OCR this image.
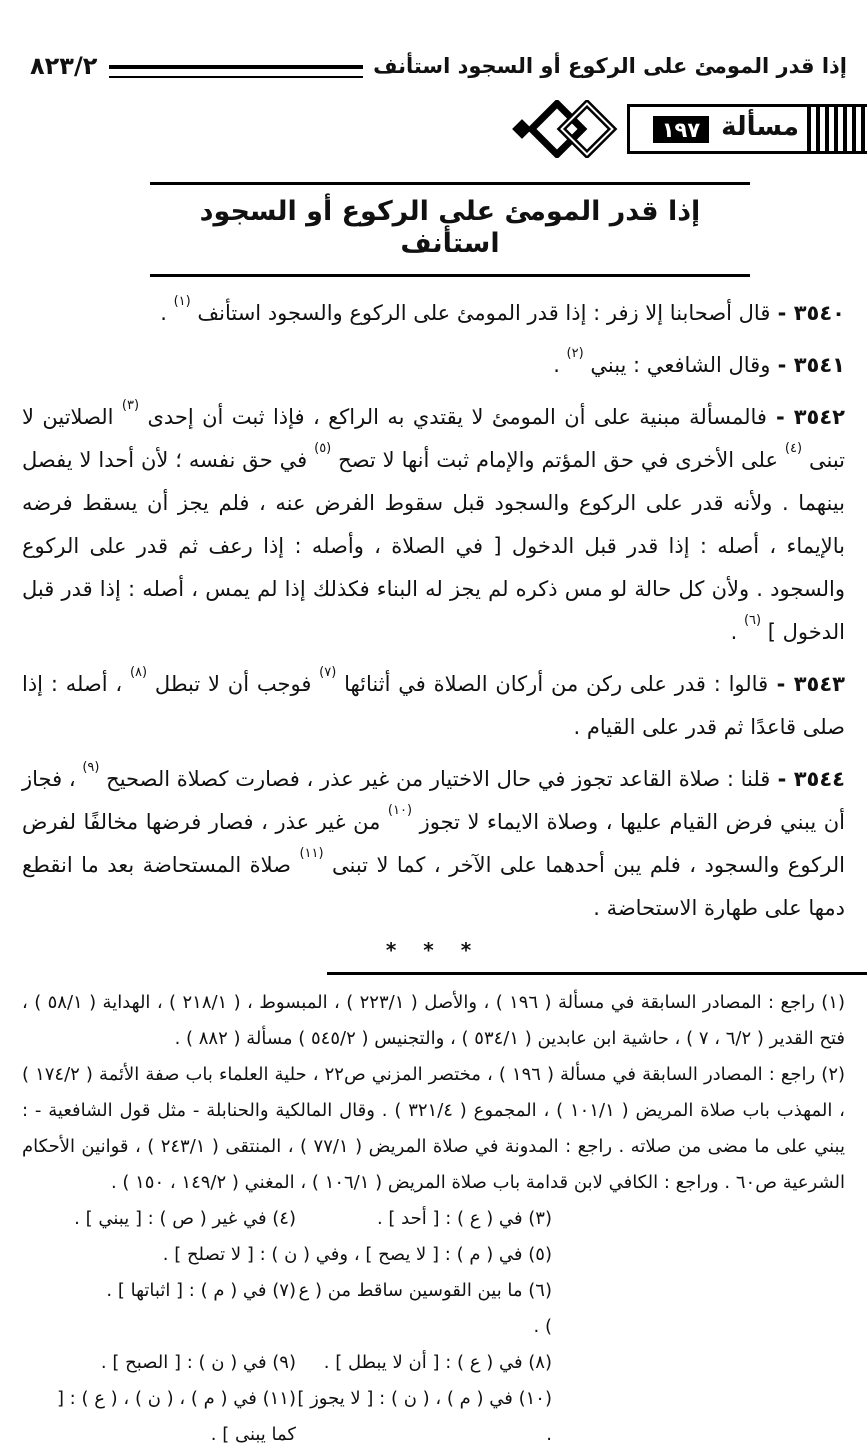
إذا قدر المومئ على الركوع أو السجود استأنف
٨٢٣/٢
مسألة
١٩٧
إذا قدر المومئ على الركوع أو السجود استأنف

٣٥٤٠ - قال أصحابنا إلا زفر : إذا قدر المومئ على الركوع والسجود استأنف $^{(١)}$ .

٣٥٤١ - وقال الشافعي : يبني $^{(٢)}$ .

٣٥٤٢ - فالمسألة مبنية على أن المومئ لا يقتدي به الراكع ، فإذا ثبت أن إحدى $^{(٣)}$ الصلاتين لا تبنى $^{(٤)}$ على الأخرى في حق المؤتم والإمام ثبت أنها لا تصح $^{(٥)}$ في حق نفسه ؛ لأن أحدا لا يفصل بينهما . ولأنه قدر على الركوع والسجود قبل سقوط الفرض عنه ، فلم يجز أن يسقط فرضه بالإيماء ، أصله : إذا قدر قبل الدخول [ في الصلاة ، وأصله : إذا رعف ثم قدر على الركوع والسجود . ولأن كل حالة لو مس ذكره لم يجز له البناء فكذلك إذا لم يمس ، أصله : إذا قدر قبل الدخول ] $^{(٦)}$ .

٣٥٤٣ - قالوا : قدر على ركن من أركان الصلاة في أثنائها $^{(٧)}$ فوجب أن لا تبطل $^{(٨)}$ ، أصله : إذا صلى قاعدًا ثم قدر على القيام .

٣٥٤٤ - قلنا : صلاة القاعد تجوز في حال الاختيار من غير عذر ، فصارت كصلاة الصحيح $^{(٩)}$ ، فجاز أن يبني فرض القيام عليها ، وصلاة الايماء لا تجوز $^{(١٠)}$ من غير عذر ، فصار فرضها مخالفًا لفرض الركوع والسجود ، فلم يبن أحدهما على الآخر ، كما لا تبنى $^{(١١)}$ صلاة المستحاضة بعد ما انقطع دمها على طهارة الاستحاضة .

* * *

(١) راجع : المصادر السابقة في مسألة ( ١٩٦ ) ، والأصل ( ٢٢٣/١ ) ، المبسوط ، ( ٢١٨/١ ) ، الهداية ( ٥٨/١ ) ، فتح القدير ( ٦/٢ ، ٧ ) ، حاشية ابن عابدين ( ٥٣٤/١ ) ، والتجنيس ( ٥٤٥/٢ ) مسألة ( ٨٨٢ ) .

(٢) راجع : المصادر السابقة في مسألة ( ١٩٦ ) ، مختصر المزني ص٢٢ ، حلية العلماء باب صفة الأئمة ( ١٧٤/٢ ) ، المهذب باب صلاة المريض ( ١٠١/١ ) ، المجموع ( ٣٢١/٤ ) . وقال المالكية والحنابلة - مثل قول الشافعية - : يبني على ما مضى من صلاته . راجع : المدونة في صلاة المريض ( ٧٧/١ ) ، المنتقى ( ٢٤٣/١ ) ، قوانين الأحكام الشرعية ص٦٠ . وراجع : الكافي لابن قدامة باب صلاة المريض ( ١٠٦/١ ) ، المغني ( ١٤٩/٢ ، ١٥٠ ) .

(٣) في ( ع ) : [ أحد ] .
(٤) في غير ( ص ) : [ يبني ] .
(٥) في ( م ) : [ لا يصح ] ، وفي ( ن ) : [ لا تصلح ] .
(٦) ما بين القوسين ساقط من ( ع ) .
(٧) في ( م ) : [ اثباتها ] .
(٨) في ( ع ) : [ أن لا يبطل ] .
(٩) في ( ن ) : [ الصبح ] .
(١٠) في ( م ) ، ( ن ) : [ لا يجوز ] .
(١١) في ( م ) ، ( ن ) ، ( ع ) : [ كما يبنى ] .
